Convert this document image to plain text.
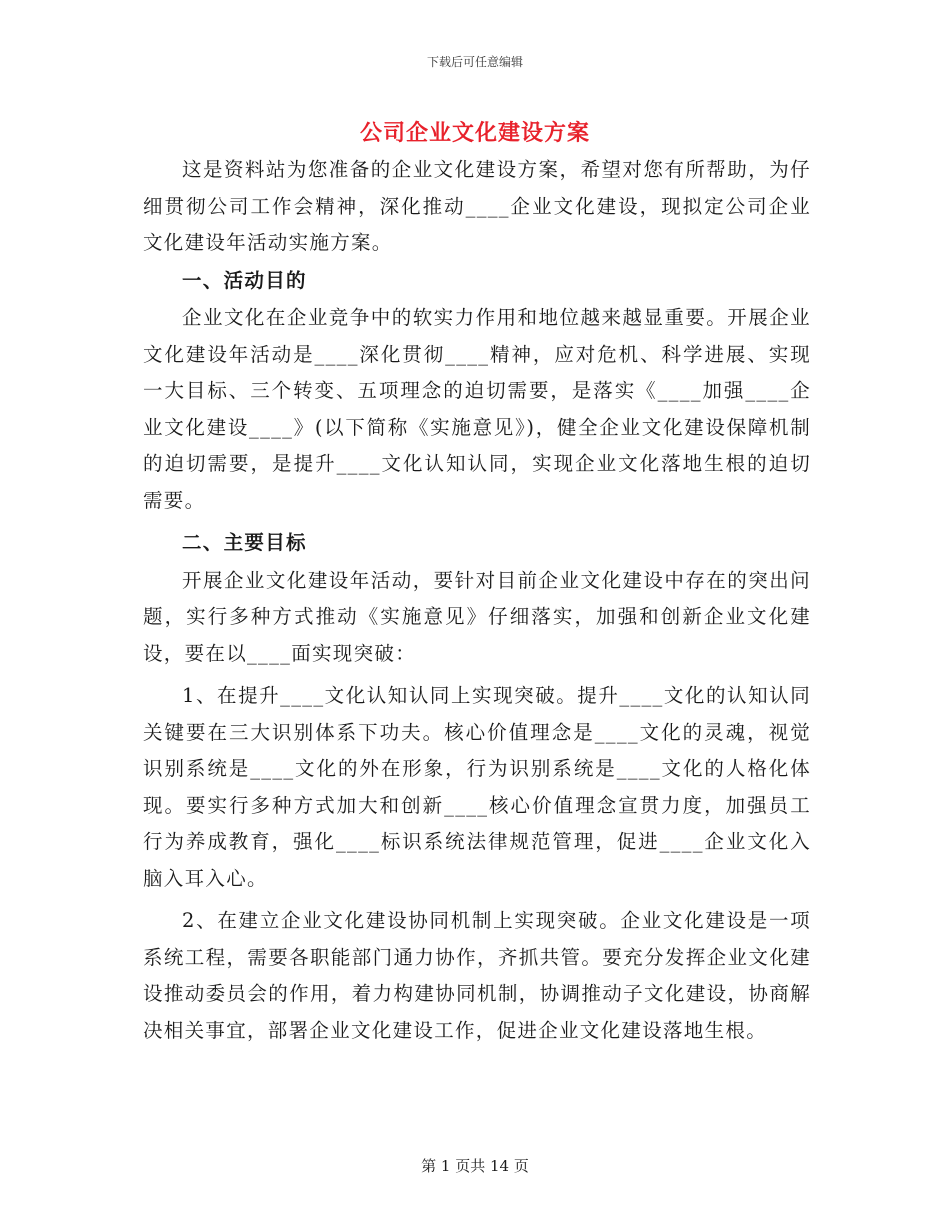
下载后可任意编辑
公司企业文化建设方案

这是资料站为您准备的企业文化建设方案，希望对您有所帮助，为仔细贯彻公司工作会精神，深化推动____企业文化建设，现拟定公司企业文化建设年活动实施方案。

一、活动目的

企业文化在企业竞争中的软实力作用和地位越来越显重要。开展企业文化建设年活动是____深化贯彻____精神，应对危机、科学进展、实现一大目标、三个转变、五项理念的迫切需要，是落实《____加强____企业文化建设____》(以下简称《实施意见》)，健全企业文化建设保障机制的迫切需要，是提升____文化认知认同，实现企业文化落地生根的迫切需要。

二、主要目标

开展企业文化建设年活动，要针对目前企业文化建设中存在的突出问题，实行多种方式推动《实施意见》仔细落实，加强和创新企业文化建设，要在以____面实现突破：

1、在提升____文化认知认同上实现突破。提升____文化的认知认同关键要在三大识别体系下功夫。核心价值理念是____文化的灵魂，视觉识别系统是____文化的外在形象，行为识别系统是____文化的人格化体现。要实行多种方式加大和创新____核心价值理念宣贯力度，加强员工行为养成教育，强化____标识系统法律规范管理，促进____企业文化入脑入耳入心。

2、在建立企业文化建设协同机制上实现突破。企业文化建设是一项系统工程，需要各职能部门通力协作，齐抓共管。要充分发挥企业文化建设推动委员会的作用，着力构建协同机制，协调推动子文化建设，协商解决相关事宜，部署企业文化建设工作，促进企业文化建设落地生根。

第 1 页共 14 页
